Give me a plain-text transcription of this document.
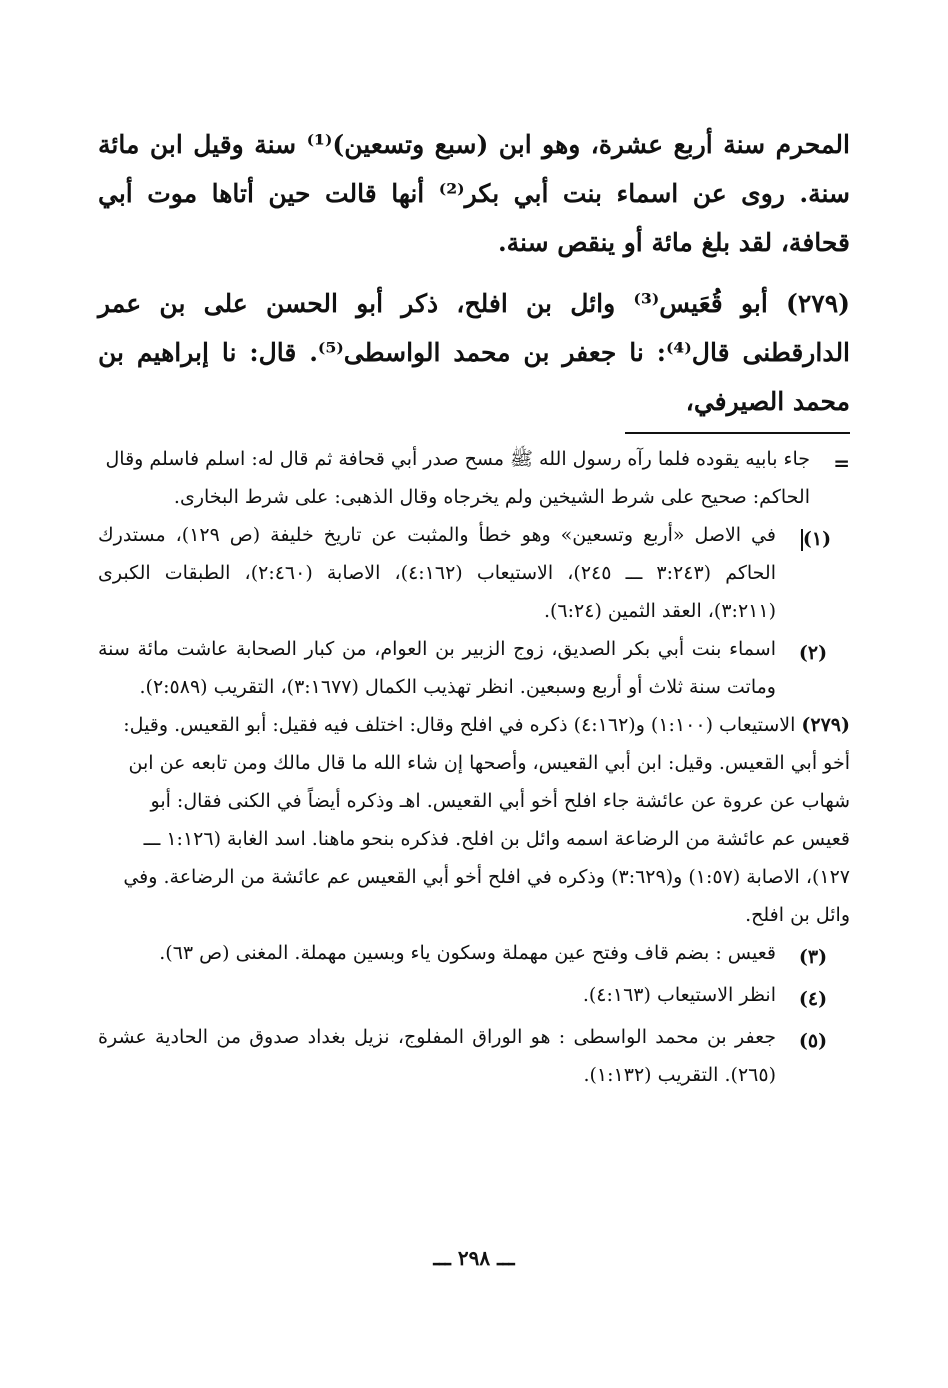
المحرم سنة أربع عشرة، وهو ابن (سبع وتسعين)⁽¹⁾ سنة وقيل ابن مائة سنة. روى عن اسماء بنت أبي بكر⁽²⁾ أنها قالت حين أتاها موت أبي قحافة، لقد بلغ مائة أو ينقص سنة.

(٢٧٩) أبو قُعَيس⁽³⁾ وائل بن افلح، ذكر أبو الحسن على بن عمر الدارقطنى قال⁽⁴⁾: نا جعفر بن محمد الواسطى⁽⁵⁾. قال: نا إبراهيم بن محمد الصيرفي،

=
جاء بابيه يقوده فلما رآه رسول الله ﷺ مسح صدر أبي قحافة ثم قال له: اسلم فاسلم وقال الحاكم: صحيح على شرط الشيخين ولم يخرجاه وقال الذهبى: على شرط البخارى.
(١)
في الاصل «أربع وتسعين» وهو خطأ والمثبت عن تاريخ خليفة (ص ١٢٩)، مستدرك الحاكم (٣:٢٤٣ ـــ ٢٤٥)، الاستيعاب (٤:١٦٢)، الاصابة (٢:٤٦٠)، الطبقات الكبرى (٣:٢١١)، العقد الثمين (٦:٢٤).
(٢)
اسماء بنت أبي بكر الصديق، زوج الزبير بن العوام، من كبار الصحابة عاشت مائة سنة وماتت سنة ثلاث أو أربع وسبعين. انظر تهذيب الكمال (٣:١٦٧٧)، التقريب (٢:٥٨٩).
(٢٧٩)الاستيعاب (١:١٠٠) و(٤:١٦٢) ذكره في افلح وقال: اختلف فيه فقيل: أبو القعيس. وقيل: أخو أبي القعيس. وقيل: ابن أبي القعيس، وأصحها إن شاء الله ما قال مالك ومن تابعه عن ابن شهاب عن عروة عن عائشة جاء افلح أخو أبي القعيس. اهـ وذكره أيضاً في الكنى فقال: أبو قعيس عم عائشة من الرضاعة اسمه وائل بن افلح. فذكره بنحو ماهنا. اسد الغابة (١:١٢٦ ـــ ١٢٧)، الاصابة (١:٥٧) و(٣:٦٢٩) وذكره في افلح أخو أبي القعيس عم عائشة من الرضاعة. وفي وائل بن افلح.
(٣)
قعيس : بضم قاف وفتح عين مهملة وسكون ياء وبسين مهملة. المغنى (ص ٦٣).
(٤)
انظر الاستيعاب (٤:١٦٣).
(٥)
جعفر بن محمد الواسطى : هو الوراق المفلوج، نزيل بغداد صدوق من الحادية عشرة (٢٦٥). التقريب (١:١٣٢).
ـــ ٢٩٨ ـــ
